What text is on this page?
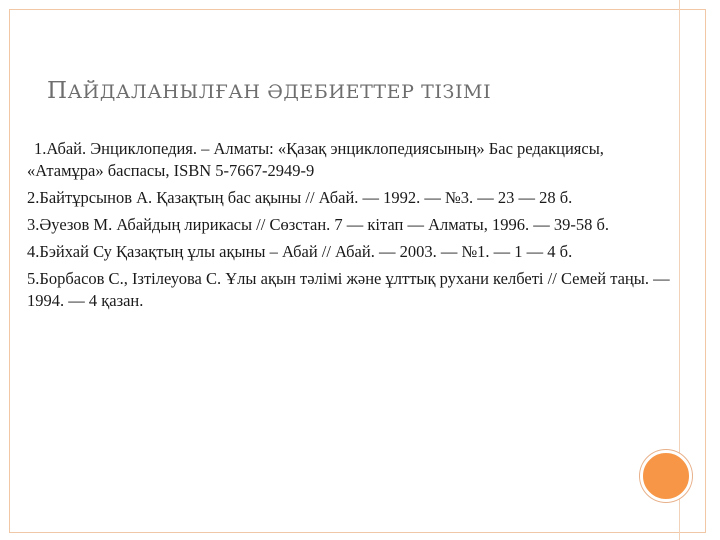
ПАЙДАЛАНЫЛҒАН ӘДЕБИЕТТЕР ТІЗІМІ

1.Абай. Энциклопедия. – Алматы: «Қазақ энциклопедиясының» Бас редакциясы, «Атамұра» баспасы, ISBN 5-7667-2949-9

2.Байтұрсынов А. Қазақтың бас ақыны // Абай. — 1992. — №3. — 23 — 28 б.

3.Әуезов М. Абайдың лирикасы // Сөзстан. 7 — кітап — Алматы, 1996. — 39-58 б.

4.Бэйхай Су Қазақтың ұлы ақыны – Абай // Абай. — 2003. — №1. — 1 — 4 б.

5.Борбасов С., Ізтілеуова С. Ұлы ақын тәлімі және ұлттық рухани келбеті // Семей таңы. — 1994. — 4 қазан.
